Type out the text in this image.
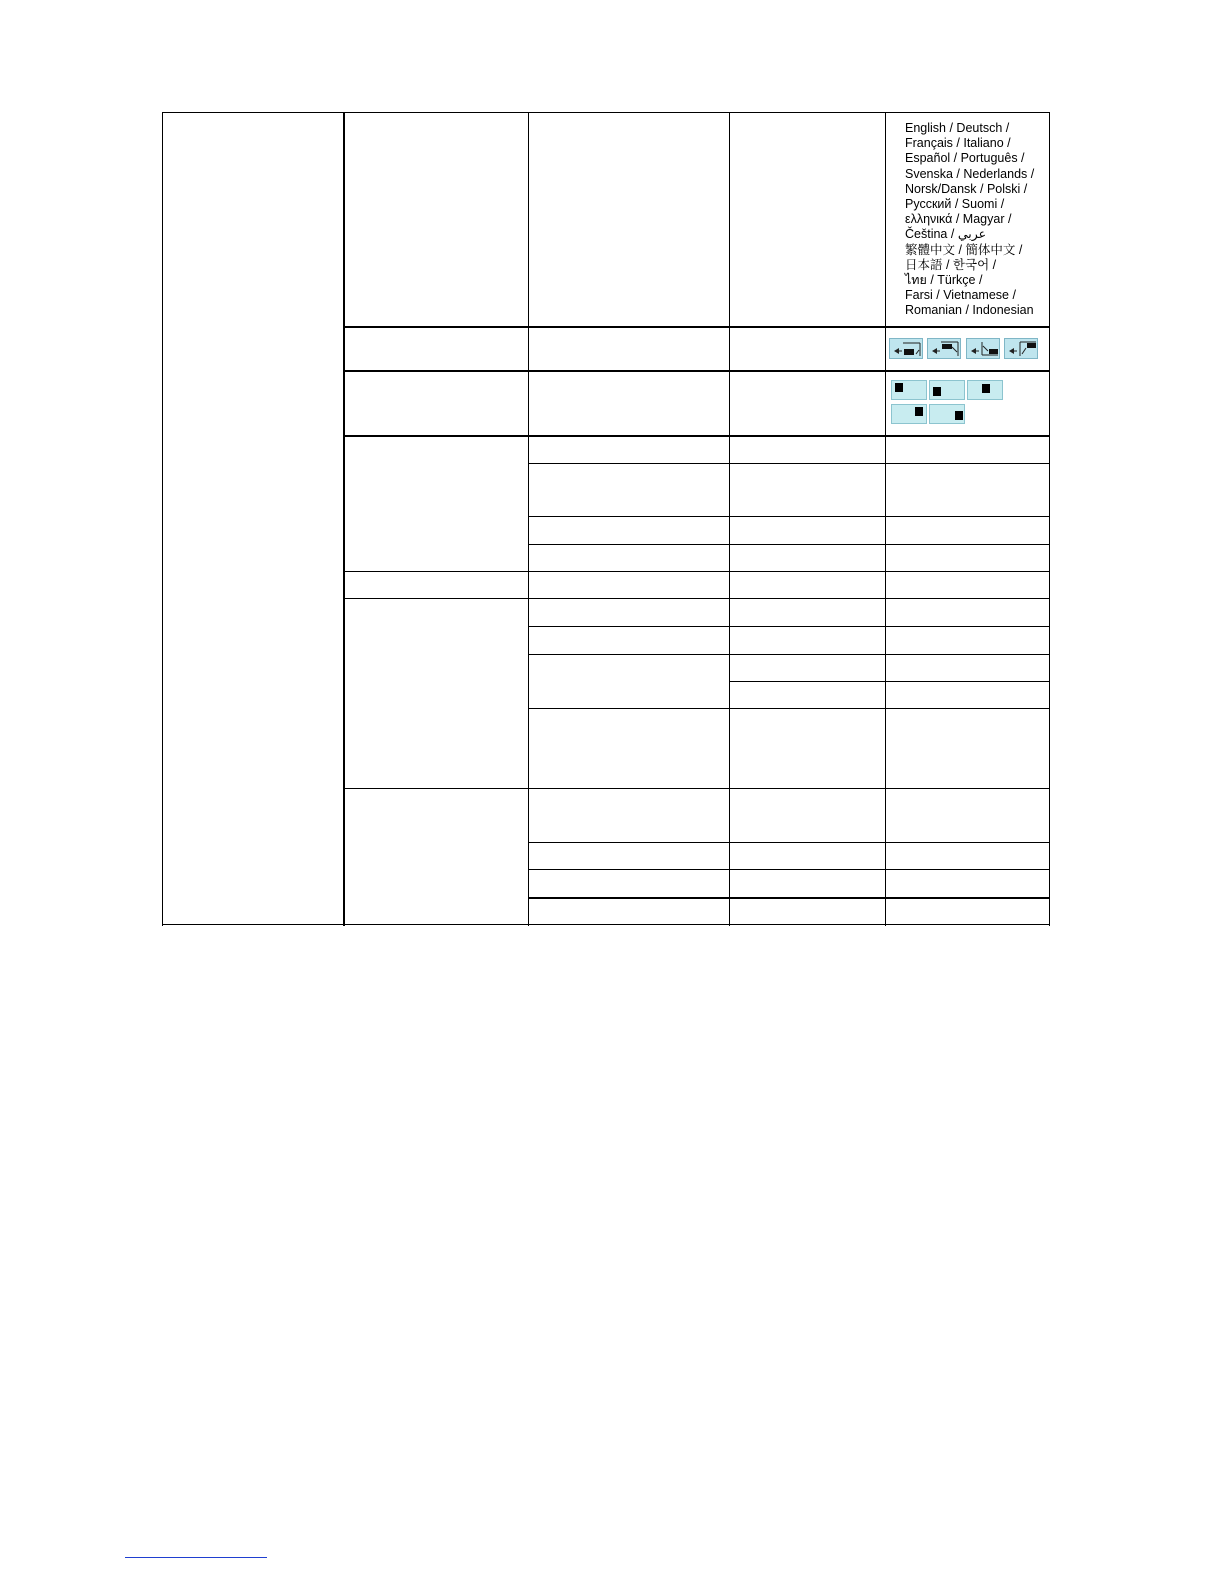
English / Deutsch /
Français / Italiano /
Español / Português /
Svenska / Nederlands /
Norsk/Dansk / Polski /
Русский / Suomi /
ελληνικά / Magyar /
Čeština / عربي
繁體中文 / 簡体中文 /
日本語 / 한국어 /
ไทย / Türkçe /
Farsi / Vietnamese /
Romanian / Indonesian
